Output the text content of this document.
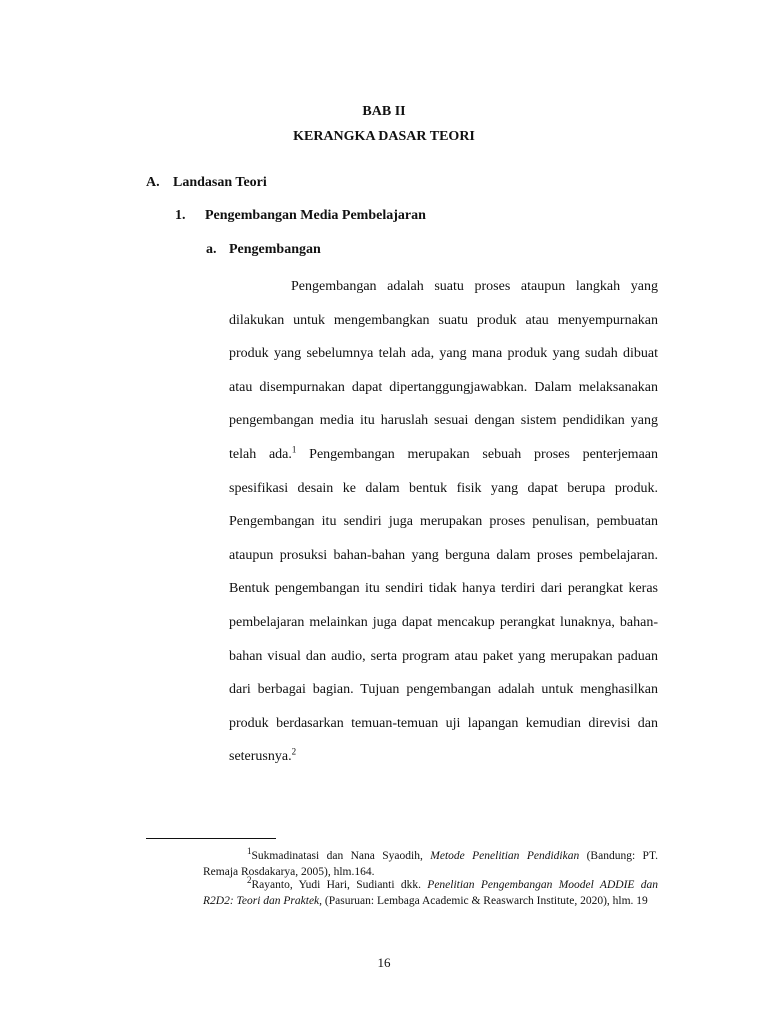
BAB II
KERANGKA DASAR TEORI
A. Landasan Teori
1. Pengembangan Media Pembelajaran
a. Pengembangan

Pengembangan adalah suatu proses ataupun langkah yang dilakukan untuk mengembangkan suatu produk atau menyempurnakan produk yang sebelumnya telah ada, yang mana produk yang sudah dibuat atau disempurnakan dapat dipertanggungjawabkan. Dalam melaksanakan pengembangan media itu haruslah sesuai dengan sistem pendidikan yang telah ada.$^1$ Pengembangan merupakan sebuah proses penterjemaan spesifikasi desain ke dalam bentuk fisik yang dapat berupa produk. Pengembangan itu sendiri juga merupakan proses penulisan, pembuatan ataupun prosuksi bahan-bahan yang berguna dalam proses pembelajaran. Bentuk pengembangan itu sendiri tidak hanya terdiri dari perangkat keras pembelajaran melainkan juga dapat mencakup perangkat lunaknya, bahan-bahan visual dan audio, serta program atau paket yang merupakan paduan dari berbagai bagian. Tujuan pengembangan adalah untuk menghasilkan produk berdasarkan temuan-temuan uji lapangan kemudian direvisi dan seterusnya.$^2$

$^1$Sukmadinatasi dan Nana Syaodih, Metode Penelitian Pendidikan (Bandung: PT. Remaja Rosdakarya, 2005), hlm.164.
$^2$Rayanto, Yudi Hari, Sudianti dkk. Penelitian Pengembangan Moodel ADDIE dan R2D2: Teori dan Praktek, (Pasuruan: Lembaga Academic & Reaswarch Institute, 2020), hlm. 19
16
